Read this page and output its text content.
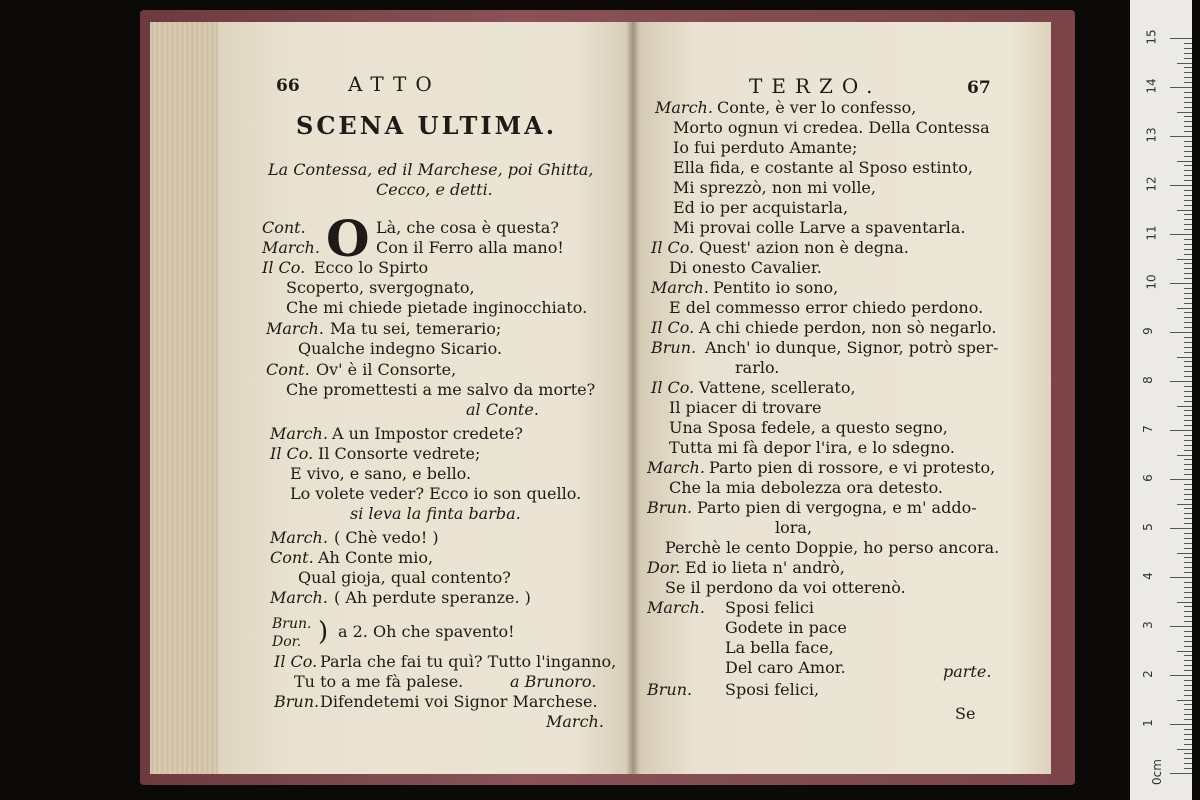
66 ATTO
SCENA ULTIMA.
La Contessa, ed il Marchese, poi Ghitta,
Cecco, e detti.
O
Cont.	Là, che cosa è questa?
March.	Con il Ferro alla mano!
Il Co. Ecco lo Spirto
Scoperto, svergognato,
Che mi chiede pietade inginocchiato.
March. Ma tu sei, temerario;
Qualche indegno Sicario.
Cont. Ov' è il Consorte,
Che promettesti a me salvo da morte?
al Conte.
March. A un Impostor credete?
Il Co. Il Consorte vedrete;
E vivo, e sano, e bello.
Lo volete veder? Ecco io son quello.
si leva la finta barba.
March. ( Chè vedo! )
Cont. Ah Conte mio,
Qual gioja, qual contento?
March. ( Ah perdute speranze. )
Brun.
Dor. ) a 2. Oh che spavento!
Il Co. Parla che fai tu quì? Tutto l'inganno,
Tu to a me fà palese.	a Brunoro.
Brun. Difendetemi voi Signor Marchese.
March.
TERZO.	67
March. Conte, è ver lo confesso,
Morto ognun vi credea. Della Contessa
Io fui perduto Amante;
Ella fida, e costante al Sposo estinto,
Mi sprezzò, non mi volle,
Ed io per acquistarla,
Mi provai colle Larve a spaventarla.
Il Co. Quest' azion non è degna.
Di onesto Cavalier.
March. Pentito io sono,
E del commesso error chiedo perdono.
Il Co. A chi chiede perdon, non sò negarlo.
Brun. Anch' io dunque, Signor, potrò sper-
rarlo.
Il Co. Vattene, scellerato,
Il piacer di trovare
Una Sposa fedele, a questo segno,
Tutta mi fà depor l'ira, e lo sdegno.
March. Parto pien di rossore, e vi protesto,
Che la mia debolezza ora detesto.
Brun. Parto pien di vergogna, e m' addo-
lora,
Perchè le cento Doppie, ho perso ancora.
Dor. Ed io lieta n' andrò,
Se il perdono da voi otterenò.
March. Sposi felici
Godete in pace
La bella face,
Del caro Amor.	parte.
Brun. Sposi felici,
Se
15
14
13
12
11
10
9
8
7
6
5
4
3
2
1
0cm
